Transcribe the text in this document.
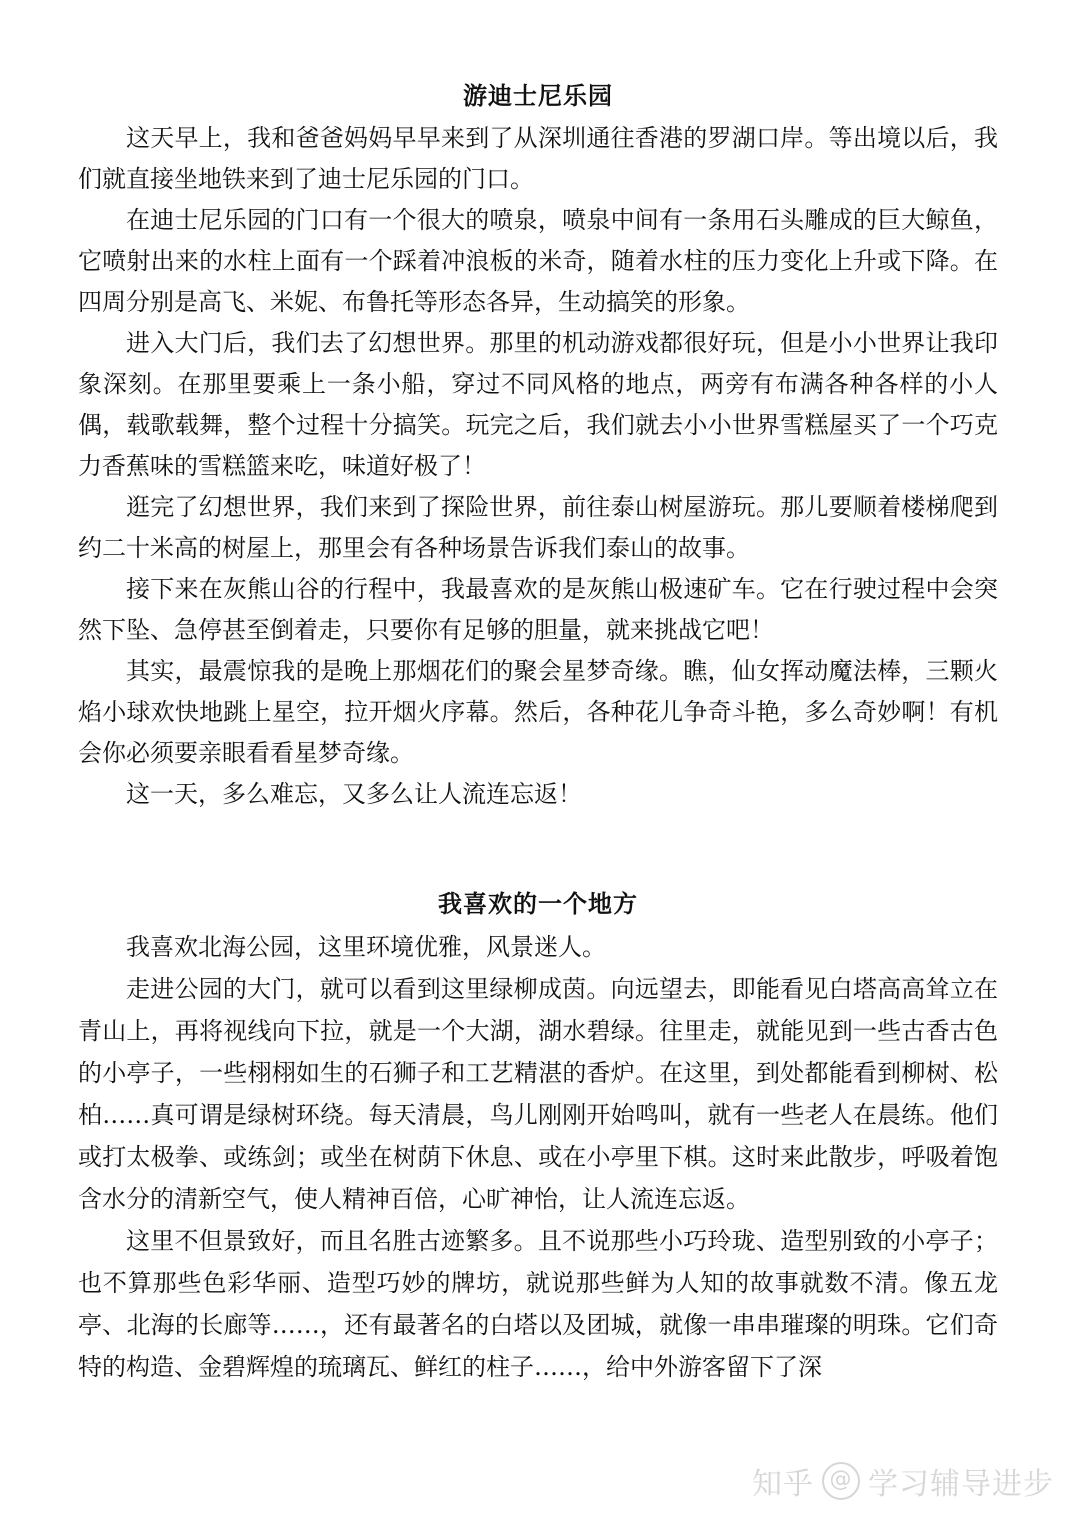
游迪士尼乐园

这天早上，我和爸爸妈妈早早来到了从深圳通往香港的罗湖口岸。等出境以后，我们就直接坐地铁来到了迪士尼乐园的门口。

在迪士尼乐园的门口有一个很大的喷泉，喷泉中间有一条用石头雕成的巨大鲸鱼，它喷射出来的水柱上面有一个踩着冲浪板的米奇，随着水柱的压力变化上升或下降。在四周分别是高飞、米妮、布鲁托等形态各异，生动搞笑的形象。

进入大门后，我们去了幻想世界。那里的机动游戏都很好玩，但是小小世界让我印象深刻。在那里要乘上一条小船，穿过不同风格的地点，两旁有布满各种各样的小人偶，载歌载舞，整个过程十分搞笑。玩完之后，我们就去小小世界雪糕屋买了一个巧克力香蕉味的雪糕篮来吃，味道好极了！

逛完了幻想世界，我们来到了探险世界，前往泰山树屋游玩。那儿要顺着楼梯爬到约二十米高的树屋上，那里会有各种场景告诉我们泰山的故事。

接下来在灰熊山谷的行程中，我最喜欢的是灰熊山极速矿车。它在行驶过程中会突然下坠、急停甚至倒着走，只要你有足够的胆量，就来挑战它吧！

其实，最震惊我的是晚上那烟花们的聚会星梦奇缘。瞧，仙女挥动魔法棒，三颗火焰小球欢快地跳上星空，拉开烟火序幕。然后，各种花儿争奇斗艳，多么奇妙啊！有机会你必须要亲眼看看星梦奇缘。

这一天，多么难忘，又多么让人流连忘返！

我喜欢的一个地方

我喜欢北海公园，这里环境优雅，风景迷人。

走进公园的大门，就可以看到这里绿柳成茵。向远望去，即能看见白塔高高耸立在青山上，再将视线向下拉，就是一个大湖，湖水碧绿。往里走，就能见到一些古香古色的小亭子，一些栩栩如生的石狮子和工艺精湛的香炉。在这里，到处都能看到柳树、松柏……真可谓是绿树环绕。每天清晨，鸟儿刚刚开始鸣叫，就有一些老人在晨练。他们或打太极拳、或练剑；或坐在树荫下休息、或在小亭里下棋。这时来此散步，呼吸着饱含水分的清新空气，使人精神百倍，心旷神怡，让人流连忘返。

这里不但景致好，而且名胜古迹繁多。且不说那些小巧玲珑、造型别致的小亭子；也不算那些色彩华丽、造型巧妙的牌坊，就说那些鲜为人知的故事就数不清。像五龙亭、北海的长廊等……，还有最著名的白塔以及团城，就像一串串璀璨的明珠。它们奇特的构造、金碧辉煌的琉璃瓦、鲜红的柱子……，给中外游客留下了深

知乎 @ 学习辅导进步
